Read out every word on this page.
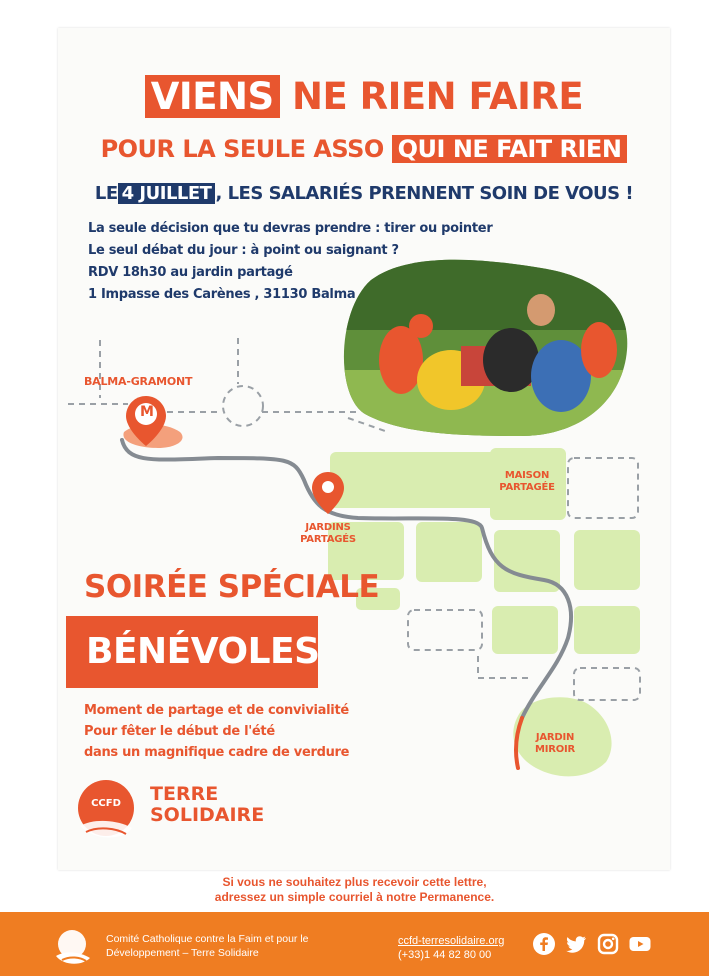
VIENS NE RIEN FAIRE
POUR LA SEULE ASSO QUI NE FAIT RIEN
LE 4 JUILLET , LES SALARIÉS PRENNENT SOIN DE VOUS !
La seule décision que tu devras prendre : tirer ou pointer
Le seul débat du jour : à point ou saignant ?
RDV 18h30 au jardin partagé
1 Impasse des Carènes , 31130 Balma
BALMA-GRAMONT
M
JARDINS
PARTAGÉS
MAISON
PARTAGÉE
JARDIN
MIROIR
SOIRÉE SPÉCIALE
BÉNÉVOLES
Moment de partage et de convivialité
Pour fêter le début de l'été
dans un magnifique cadre de verdure
CCFD TERRE
SOLIDAIRE
Si vous ne souhaitez plus recevoir cette lettre,
adressez un simple courriel à notre Permanence.
Comité Catholique contre la Faim et pour le
Développement – Terre Solidaire
ccfd-terresolidaire.org
(+33)1 44 82 80 00
